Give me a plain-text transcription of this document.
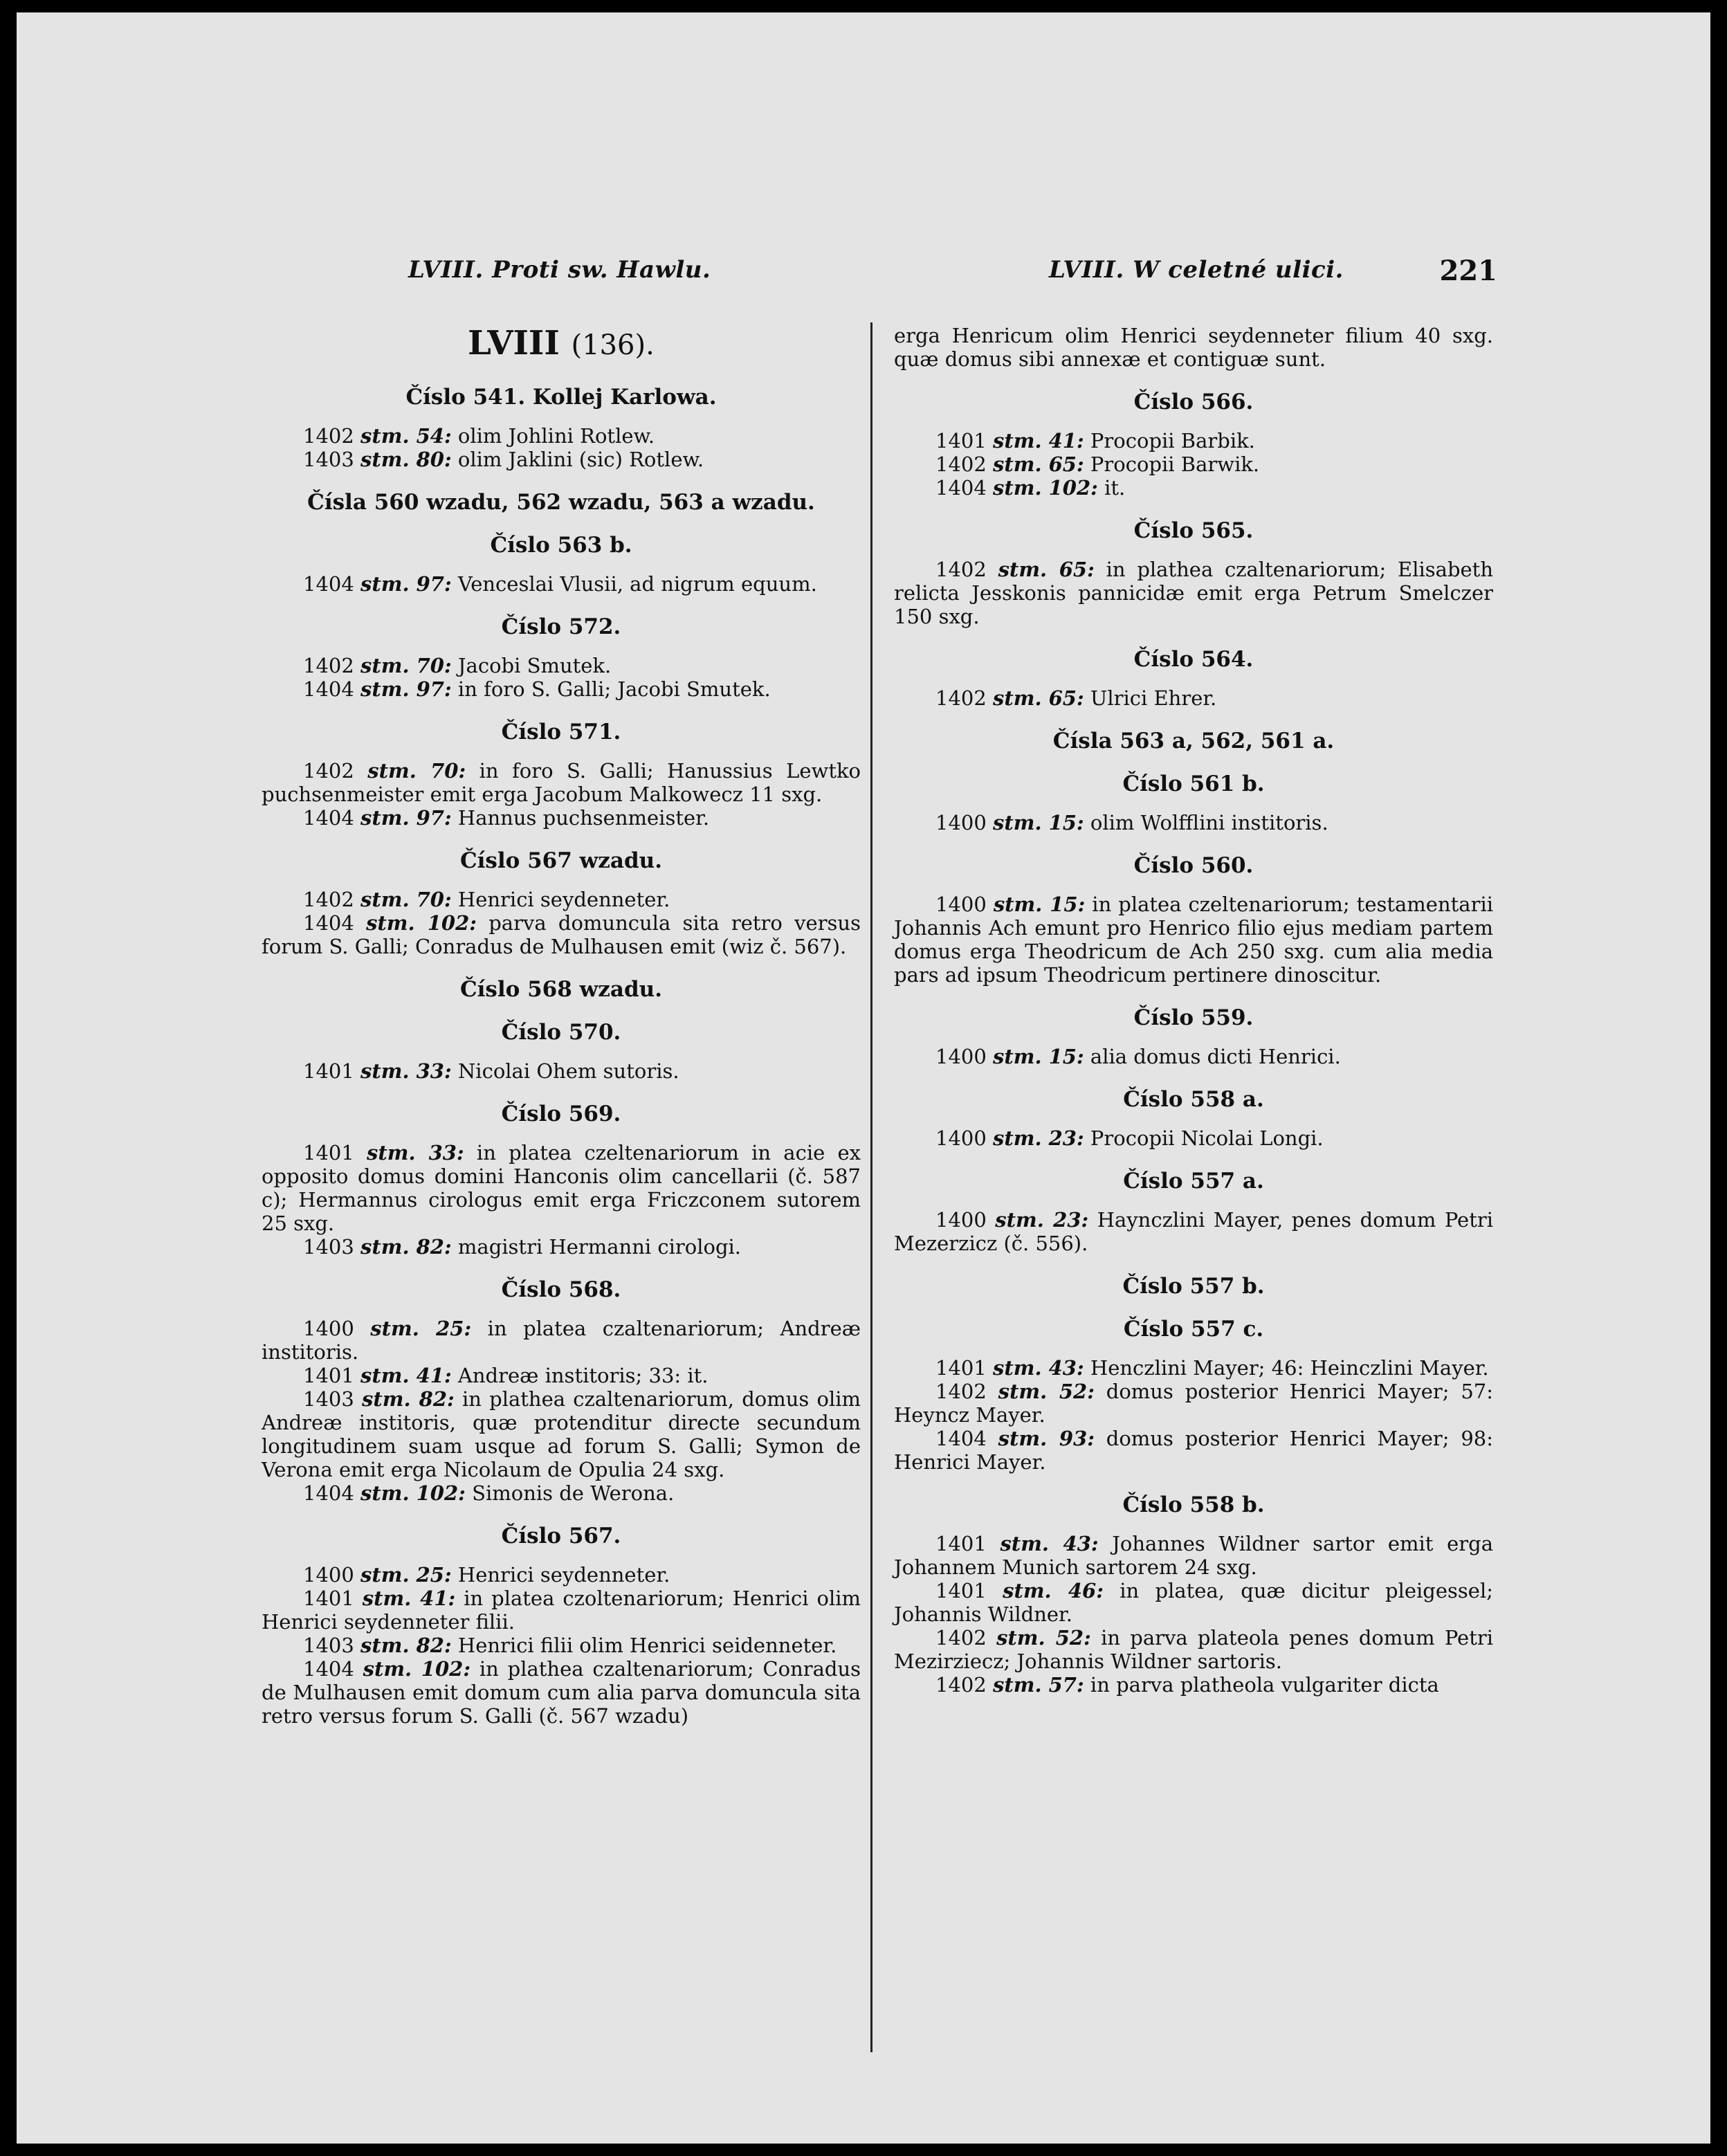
LVIII. Proti sw. Hawlu.	LVIII. W celetné ulici.	221
LVIII (136).
Číslo 541. Kollej Karlowa.

1402 stm. 54: olim Johlini Rotlew.

1403 stm. 80: olim Jaklini (sic) Rotlew.

Čísla 560 wzadu, 562 wzadu, 563 a wzadu.
Číslo 563 b.

1404 stm. 97: Venceslai Vlusii, ad nigrum equum.

Číslo 572.

1402 stm. 70: Jacobi Smutek.

1404 stm. 97: in foro S. Galli; Jacobi Smutek.

Číslo 571.

1402 stm. 70: in foro S. Galli; Hanussius Lewtko puchsenmeister emit erga Jacobum Malkowecz 11 sxg.

1404 stm. 97: Hannus puchsenmeister.

Číslo 567 wzadu.

1402 stm. 70: Henrici seydenneter.

1404 stm. 102: parva domuncula sita retro versus forum S. Galli; Conradus de Mulhausen emit (wiz č. 567).

Číslo 568 wzadu.
Číslo 570.

1401 stm. 33: Nicolai Ohem sutoris.

Číslo 569.

1401 stm. 33: in platea czeltenariorum in acie ex opposito domus domini Hanconis olim cancellarii (č. 587 c); Hermannus cirologus emit erga Friczconem sutorem 25 sxg.

1403 stm. 82: magistri Hermanni cirologi.

Číslo 568.

1400 stm. 25: in platea czaltenariorum; Andreæ institoris.

1401 stm. 41: Andreæ institoris; 33: it.

1403 stm. 82: in plathea czaltenariorum, domus olim Andreæ institoris, quæ protenditur directe secundum longitudinem suam usque ad forum S. Galli; Symon de Verona emit erga Nicolaum de Opulia 24 sxg.

1404 stm. 102: Simonis de Werona.

Číslo 567.

1400 stm. 25: Henrici seydenneter.

1401 stm. 41: in platea czoltenariorum; Henrici olim Henrici seydenneter filii.

1403 stm. 82: Henrici filii olim Henrici seidenneter.

1404 stm. 102: in plathea czaltenariorum; Conradus de Mulhausen emit domum cum alia parva domuncula sita retro versus forum S. Galli (č. 567 wzadu)

erga Henricum olim Henrici seydenneter filium 40 sxg. quæ domus sibi annexæ et contiguæ sunt.

Číslo 566.

1401 stm. 41: Procopii Barbik.

1402 stm. 65: Procopii Barwik.

1404 stm. 102: it.

Číslo 565.

1402 stm. 65: in plathea czaltenariorum; Elisabeth relicta Jesskonis pannicidæ emit erga Petrum Smelczer 150 sxg.

Číslo 564.

1402 stm. 65: Ulrici Ehrer.

Čísla 563 a, 562, 561 a.
Číslo 561 b.

1400 stm. 15: olim Wolfflini institoris.

Číslo 560.

1400 stm. 15: in platea czeltenariorum; testamentarii Johannis Ach emunt pro Henrico filio ejus mediam partem domus erga Theodricum de Ach 250 sxg. cum alia media pars ad ipsum Theodricum pertinere dinoscitur.

Číslo 559.

1400 stm. 15: alia domus dicti Henrici.

Číslo 558 a.

1400 stm. 23: Procopii Nicolai Longi.

Číslo 557 a.

1400 stm. 23: Haynczlini Mayer, penes domum Petri Mezerzicz (č. 556).

Číslo 557 b.
Číslo 557 c.

1401 stm. 43: Henczlini Mayer; 46: Heinczlini Mayer.

1402 stm. 52: domus posterior Henrici Mayer; 57: Heyncz Mayer.

1404 stm. 93: domus posterior Henrici Mayer; 98: Henrici Mayer.

Číslo 558 b.

1401 stm. 43: Johannes Wildner sartor emit erga Johannem Munich sartorem 24 sxg.

1401 stm. 46: in platea, quæ dicitur pleigessel; Johannis Wildner.

1402 stm. 52: in parva plateola penes domum Petri Mezirziecz; Johannis Wildner sartoris.

1402 stm. 57: in parva platheola vulgariter dicta
